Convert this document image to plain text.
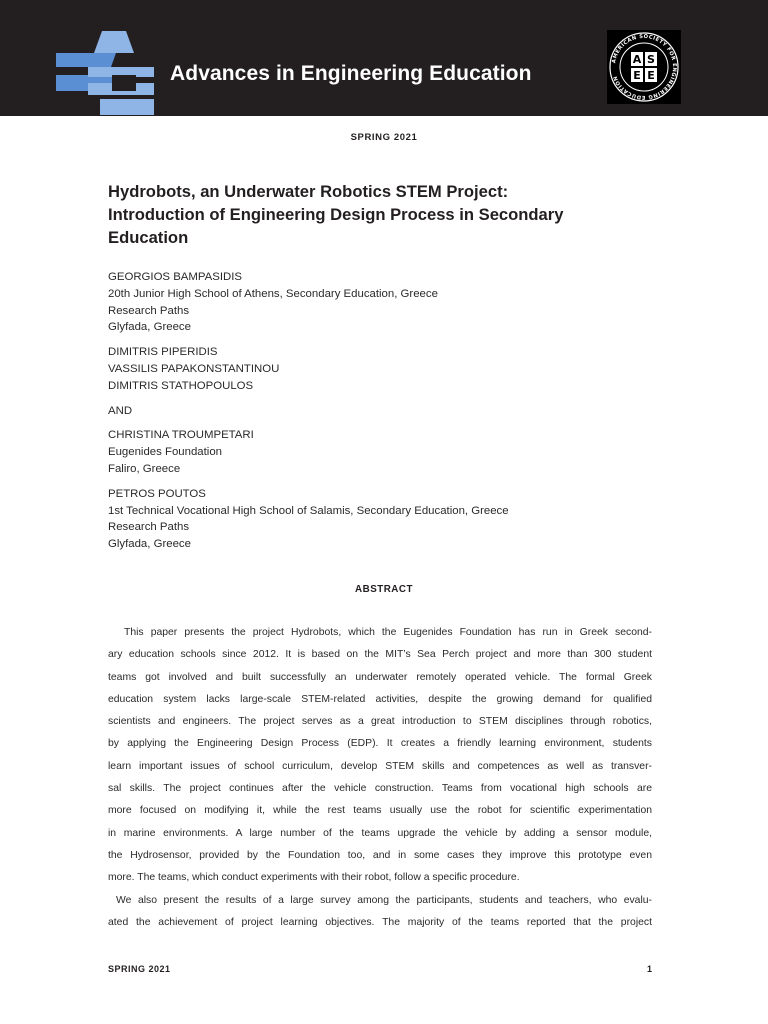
Advances in Engineering Education
AMERICAN SOCIETY FOR ENGINEERING EDUCATION
A S
E E
SPRING 2021
Hydrobots, an Underwater Robotics STEM Project:
Introduction of Engineering Design Process in Secondary
Education
GEORGIOS BAMPASIDIS
20th Junior High School of Athens, Secondary Education, Greece
Research Paths
Glyfada, Greece
DIMITRIS PIPERIDIS
VASSILIS PAPAKONSTANTINOU
DIMITRIS STATHOPOULOS
AND
CHRISTINA TROUMPETARI
Eugenides Foundation
Faliro, Greece
PETROS POUTOS
1st Technical Vocational High School of Salamis, Secondary Education, Greece
Research Paths
Glyfada, Greece
ABSTRACT
This paper presents the project Hydrobots, which the Eugenides Foundation has run in Greek second-
ary education schools since 2012. It is based on the MIT’s Sea Perch project and more than 300 student
teams got involved and built successfully an underwater remotely operated vehicle. The formal Greek
education system lacks large-scale STEM-related activities, despite the growing demand for qualified
scientists and engineers. The project serves as a great introduction to STEM disciplines through robotics,
by applying the Engineering Design Process (EDP). It creates a friendly learning environment, students
learn important issues of school curriculum, develop STEM skills and competences as well as transver-
sal skills. The project continues after the vehicle construction. Teams from vocational high schools are
more focused on modifying it, while the rest teams usually use the robot for scientific experimentation
in marine environments. A large number of the teams upgrade the vehicle by adding a sensor module,
the Hydrosensor, provided by the Foundation too, and in some cases they improve this prototype even
more. The teams, which conduct experiments with their robot, follow a specific procedure.
We also present the results of a large survey among the participants, students and teachers, who evalu-
ated the achievement of project learning objectives. The majority of the teams reported that the project
SPRING 2021	1
